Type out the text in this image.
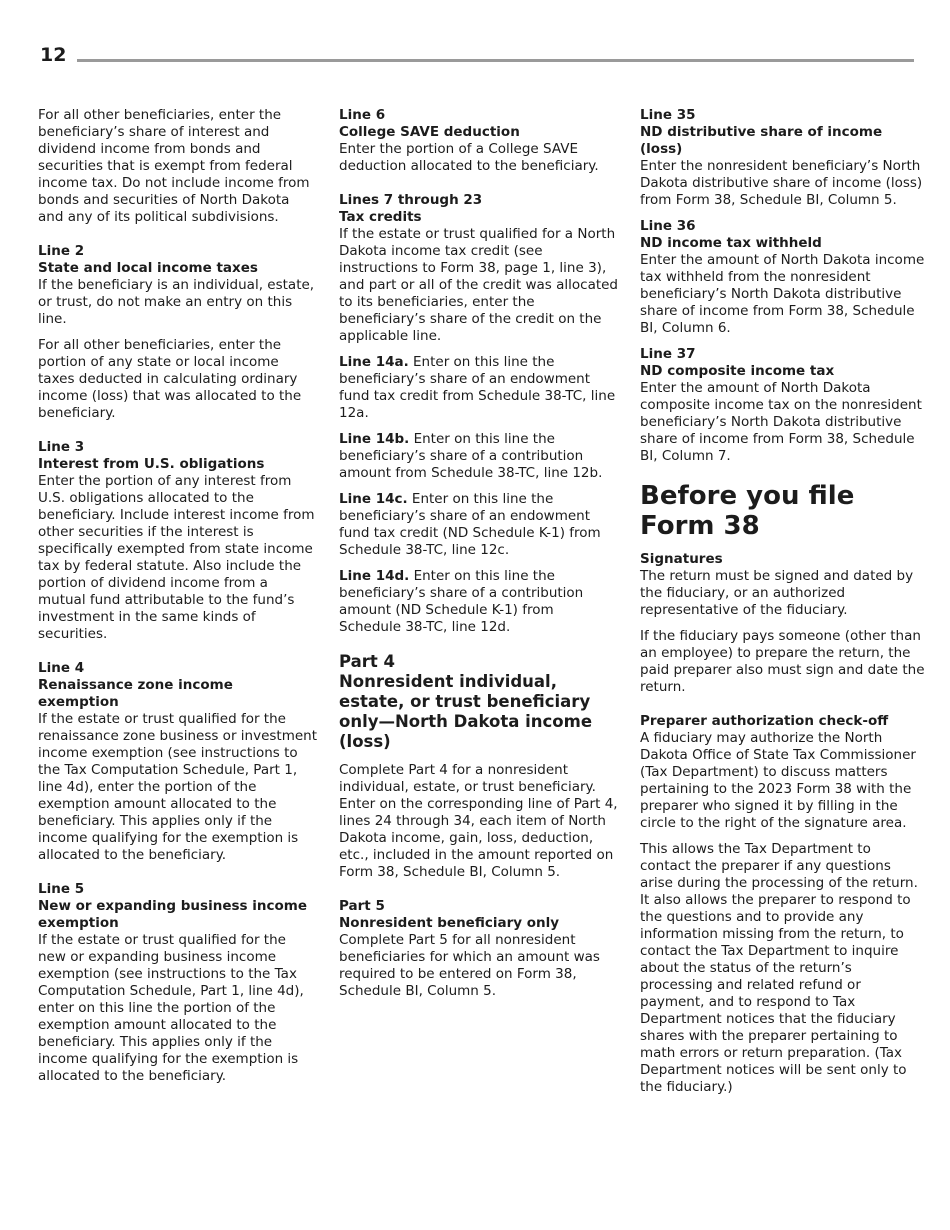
12

For all other beneficiaries, enter the beneficiary’s share of interest and dividend income from bonds and securities that is exempt from federal income tax. Do not include income from bonds and securities of North Dakota and any of its political subdivisions.

Line 2
State and local income taxes

If the beneficiary is an individual, estate, or trust, do not make an entry on this line.

For all other beneficiaries, enter the portion of any state or local income taxes deducted in calculating ordinary income (loss) that was allocated to the beneficiary.

Line 3
Interest from U.S. obligations

Enter the portion of any interest from U.S. obligations allocated to the beneficiary. Include interest income from other securities if the interest is specifically exempted from state income tax by federal statute. Also include the portion of dividend income from a mutual fund attributable to the fund’s investment in the same kinds of securities.

Line 4
Renaissance zone income exemption

If the estate or trust qualified for the renaissance zone business or investment income exemption (see instructions to the Tax Computation Schedule, Part 1, line 4d), enter the portion of the exemption amount allocated to the beneficiary. This applies only if the income qualifying for the exemption is allocated to the beneficiary.

Line 5
New or expanding business income exemption

If the estate or trust qualified for the new or expanding business income exemption (see instructions to the Tax Computation Schedule, Part 1, line 4d), enter on this line the portion of the exemption amount allocated to the beneficiary. This applies only if the income qualifying for the exemption is allocated to the beneficiary.

Line 6
College SAVE deduction

Enter the portion of a College SAVE deduction allocated to the beneficiary.

Lines 7 through 23
Tax credits

If the estate or trust qualified for a North Dakota income tax credit (see instructions to Form 38, page 1, line 3), and part or all of the credit was allocated to its beneficiaries, enter the beneficiary’s share of the credit on the applicable line.

Line 14a. Enter on this line the beneficiary’s share of an endowment fund tax credit from Schedule 38-TC, line 12a.

Line 14b. Enter on this line the beneficiary’s share of a contribution amount from Schedule 38-TC, line 12b.

Line 14c. Enter on this line the beneficiary’s share of an endowment fund tax credit (ND Schedule K-1) from Schedule 38-TC, line 12c.

Line 14d. Enter on this line the beneficiary’s share of a contribution amount (ND Schedule K-1) from Schedule 38-TC, line 12d.

Part 4
Nonresident individual, estate, or trust beneficiary only—North Dakota income (loss)

Complete Part 4 for a nonresident individual, estate, or trust beneficiary. Enter on the corresponding line of Part 4, lines 24 through 34, each item of North Dakota income, gain, loss, deduction, etc., included in the amount reported on Form 38, Schedule BI, Column 5.

Part 5
Nonresident beneficiary only

Complete Part 5 for all nonresident beneficiaries for which an amount was required to be entered on Form 38, Schedule BI, Column 5.

Line 35
ND distributive share of income (loss)

Enter the nonresident beneficiary’s North Dakota distributive share of income (loss) from Form 38, Schedule BI, Column 5.

Line 36
ND income tax withheld

Enter the amount of North Dakota income tax withheld from the nonresident beneficiary’s North Dakota distributive share of income from Form 38, Schedule BI, Column 6.

Line 37
ND composite income tax

Enter the amount of North Dakota composite income tax on the nonresident beneficiary’s North Dakota distributive share of income from Form 38, Schedule BI, Column 7.

Before you file Form 38
Signatures

The return must be signed and dated by the fiduciary, or an authorized representative of the fiduciary.

If the fiduciary pays someone (other than an employee) to prepare the return, the paid preparer also must sign and date the return.

Preparer authorization check-off

A fiduciary may authorize the North Dakota Office of State Tax Commissioner (Tax Department) to discuss matters pertaining to the 2023 Form 38 with the preparer who signed it by filling in the circle to the right of the signature area.

This allows the Tax Department to contact the preparer if any questions arise during the processing of the return. It also allows the preparer to respond to the questions and to provide any information missing from the return, to contact the Tax Department to inquire about the status of the return’s processing and related refund or payment, and to respond to Tax Department notices that the fiduciary shares with the preparer pertaining to math errors or return preparation. (Tax Department notices will be sent only to the fiduciary.)
